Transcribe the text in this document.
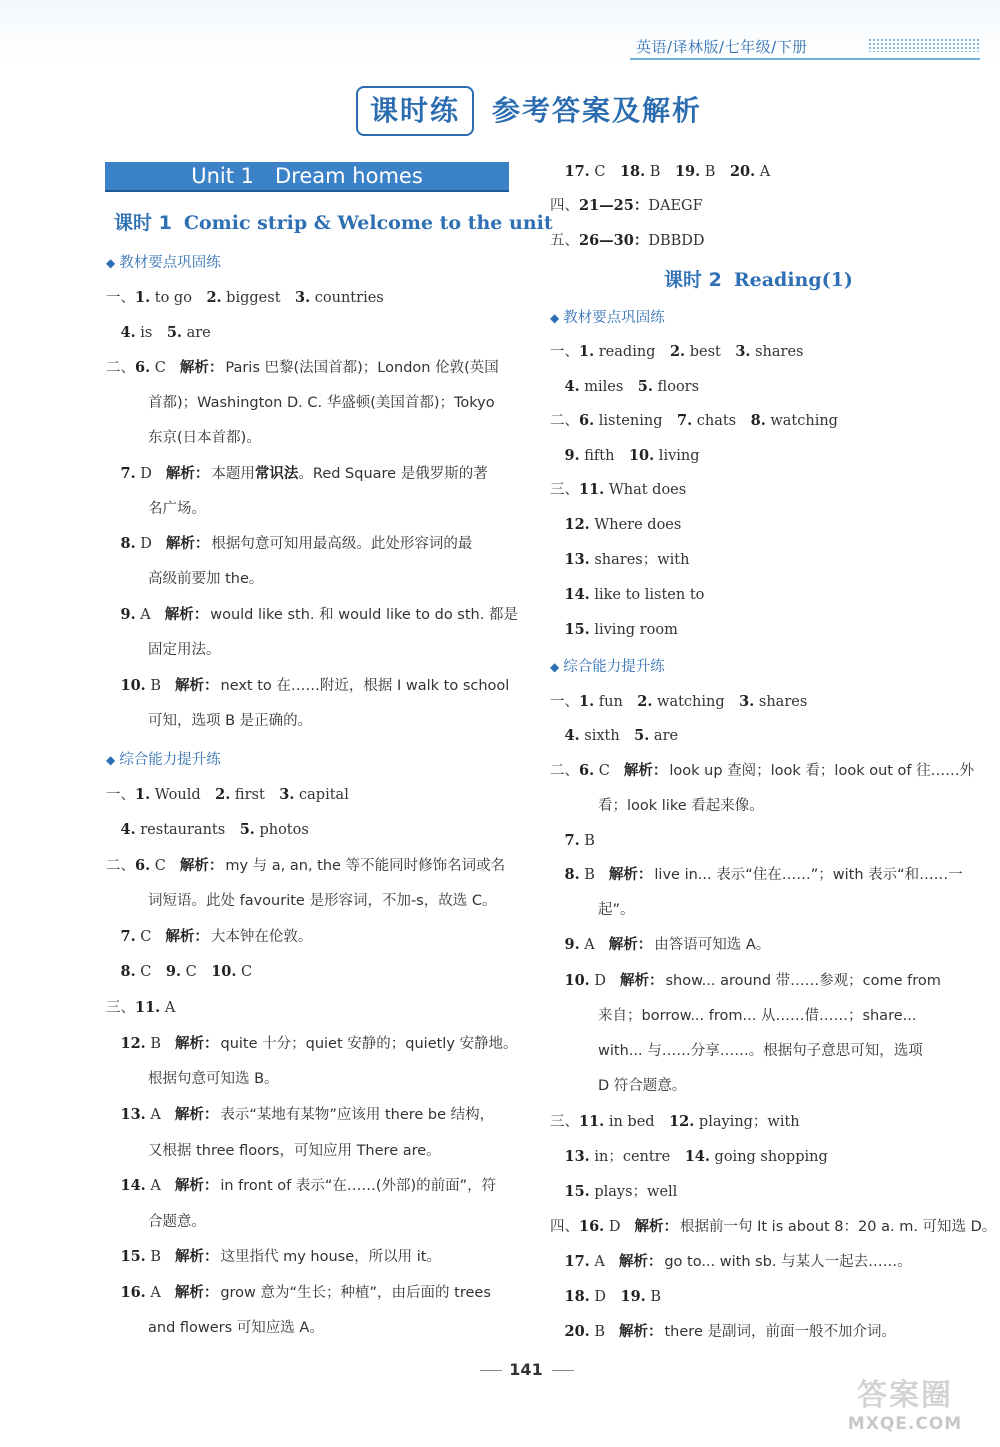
英语/译林版/七年级/下册
课时练	参考答案及解析
Unit 1　Dream homes
课时 1 Comic strip & Welcome to the unit
◆ 教材要点巩固练
◆ 综合能力提升练
一、1. to go　2. biggest　3. countries
　4. is　5. are
二、6. C 解析： Paris 巴黎(法国首都)；London 伦敦(英国
首都)；Washington D. C. 华盛顿(美国首都)；Tokyo
东京(日本首都)。
　7. D 解析： 本题用常识法。Red Square 是俄罗斯的著
名广场。
　8. D 解析： 根据句意可知用最高级。此处形容词的最
高级前要加 the。
　9. A 解析： would like sth. 和 would like to do sth. 都是
固定用法。
　10. B 解析： next to 在……附近，根据 I walk to school
可知，选项 B 是正确的。
一、1. Would　2. first　3. capital
　4. restaurants　5. photos
二、6. C 解析： my 与 a, an, the 等不能同时修饰名词或名
词短语。此处 favourite 是形容词，不加-s，故选 C。
　7. C 解析： 大本钟在伦敦。
　8. C　9. C　10. C
三、11. A
　12. B 解析： quite 十分；quiet 安静的；quietly 安静地。
根据句意可知选 B。
　13. A 解析： 表示“某地有某物”应该用 there be 结构，
又根据 three floors，可知应用 There are。
　14. A 解析： in front of 表示“在……(外部)的前面”，符
合题意。
　15. B 解析： 这里指代 my house，所以用 it。
　16. A 解析： grow 意为“生长；种植”，由后面的 trees
and flowers 可知应选 A。
　17. C　18. B　19. B　20. A
四、21—25：DAEGF
五、26—30：DBBDD
课时 2 Reading(1)
◆ 教材要点巩固练
◆ 综合能力提升练
一、1. reading　2. best　3. shares
　4. miles　5. floors
二、6. listening　7. chats　8. watching
　9. fifth　10. living
三、11. What does
　12. Where does
　13. shares；with
　14. like to listen to
　15. living room
一、1. fun　2. watching　3. shares
　4. sixth　5. are
二、6. C 解析： look up 查阅；look 看；look out of 往……外
看；look like 看起来像。
　7. B
　8. B 解析： live in... 表示“住在……”；with 表示“和……一
起”。
　9. A 解析： 由答语可知选 A。
　10. D 解析： show... around 带……参观；come from
来自；borrow... from... 从……借……；share...
with... 与……分享……。根据句子意思可知，选项
D 符合题意。
三、11. in bed　12. playing；with
　13. in；centre　14. going shopping
　15. plays；well
四、16. D 解析： 根据前一句 It is about 8：20 a. m. 可知选 D。
　17. A 解析： go to... with sb. 与某人一起去……。
　18. D　19. B
　20. B 解析： there 是副词，前面一般不加介词。
141
答案圈
MXQE.COM
